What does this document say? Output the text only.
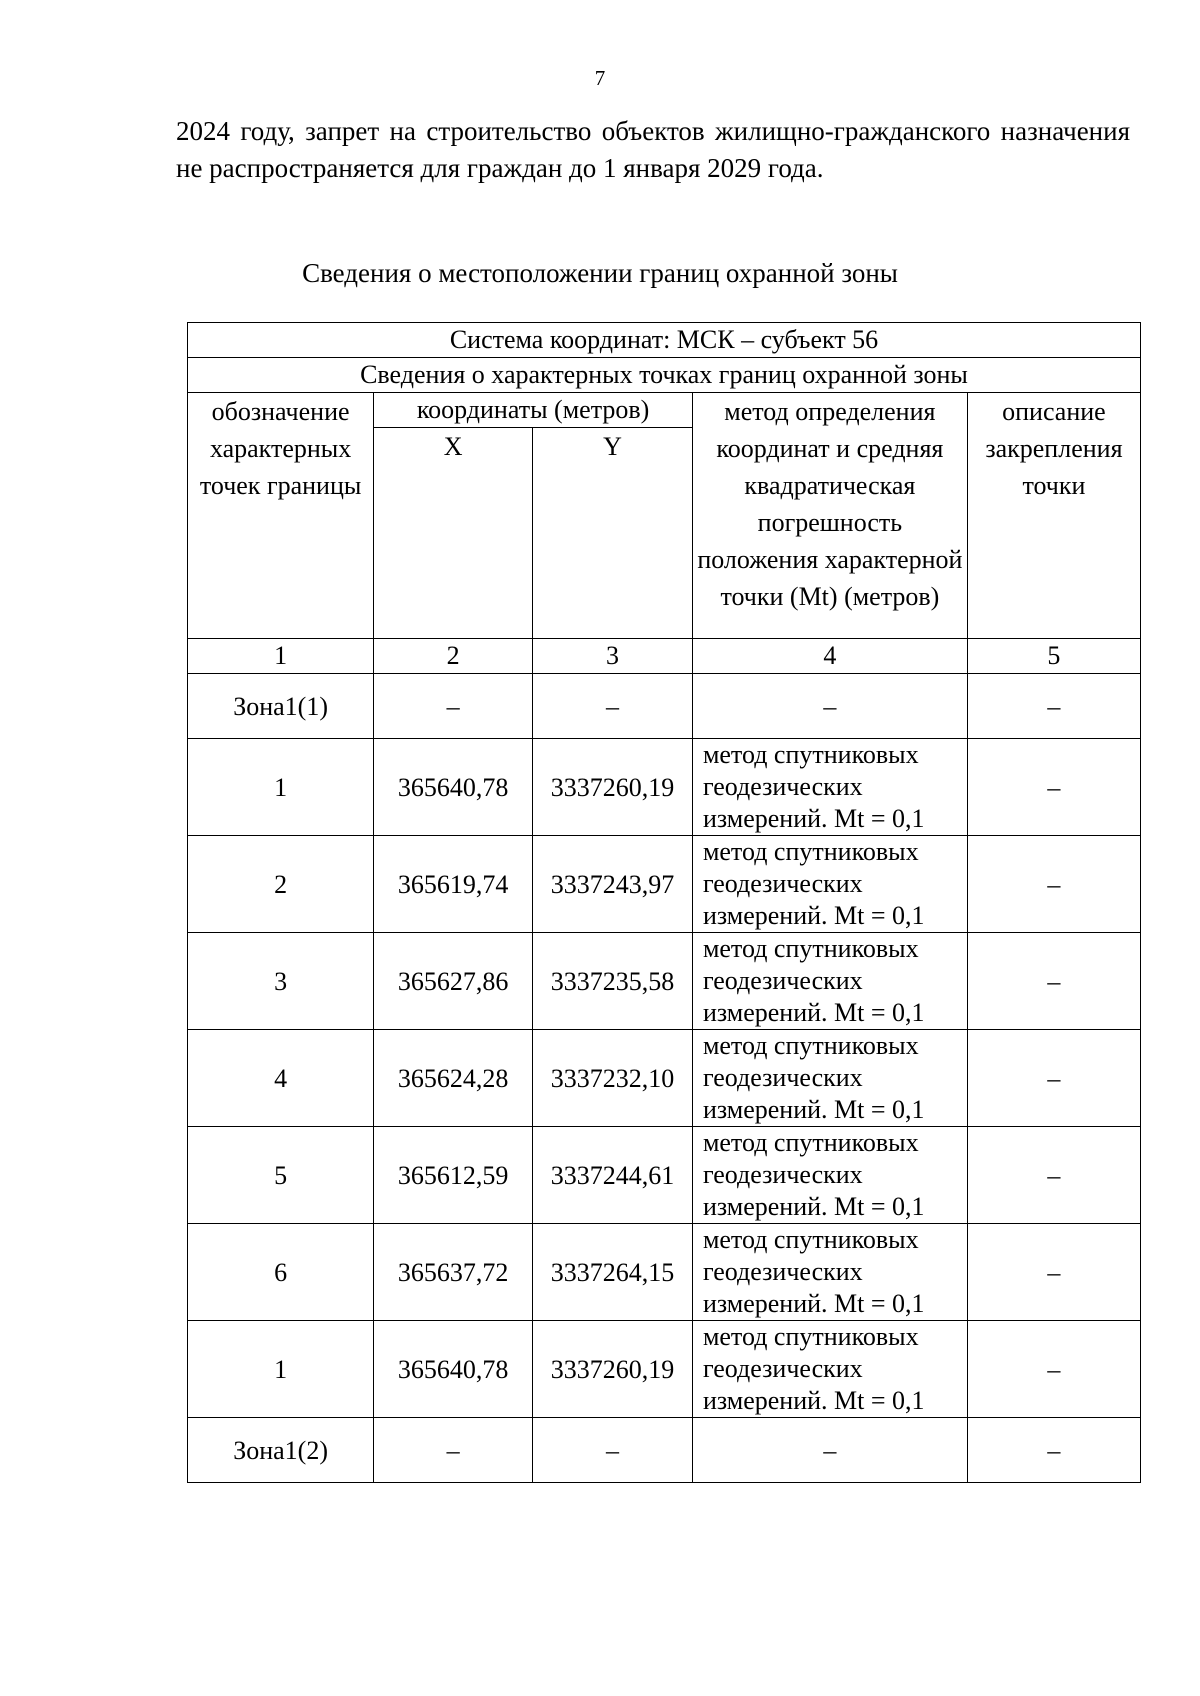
7
2024 году, запрет на строительство объектов жилищно-гражданского назначения не распространяется для граждан до 1 января 2029 года.
Сведения о местоположении границ охранной зоны
Система координат: МСК – субъект 56				
Сведения о характерных точках границ охранной зоны				
обозначение характерных точек границы	координаты (метров)		метод определения координат и средняя квадратическая погрешность положения характерной точки (Mt) (метров)	описание закрепления точки
	X	Y		
1	2	3	4	5
Зона1(1)	–	–	–	–
1	365640,78	3337260,19	метод спутниковых геодезических измерений. Mt = 0,1	–
2	365619,74	3337243,97	метод спутниковых геодезических измерений. Mt = 0,1	–
3	365627,86	3337235,58	метод спутниковых геодезических измерений. Mt = 0,1	–
4	365624,28	3337232,10	метод спутниковых геодезических измерений. Mt = 0,1	–
5	365612,59	3337244,61	метод спутниковых геодезических измерений. Mt = 0,1	–
6	365637,72	3337264,15	метод спутниковых геодезических измерений. Mt = 0,1	–
1	365640,78	3337260,19	метод спутниковых геодезических измерений. Mt = 0,1	–
Зона1(2)	–	–	–	–
